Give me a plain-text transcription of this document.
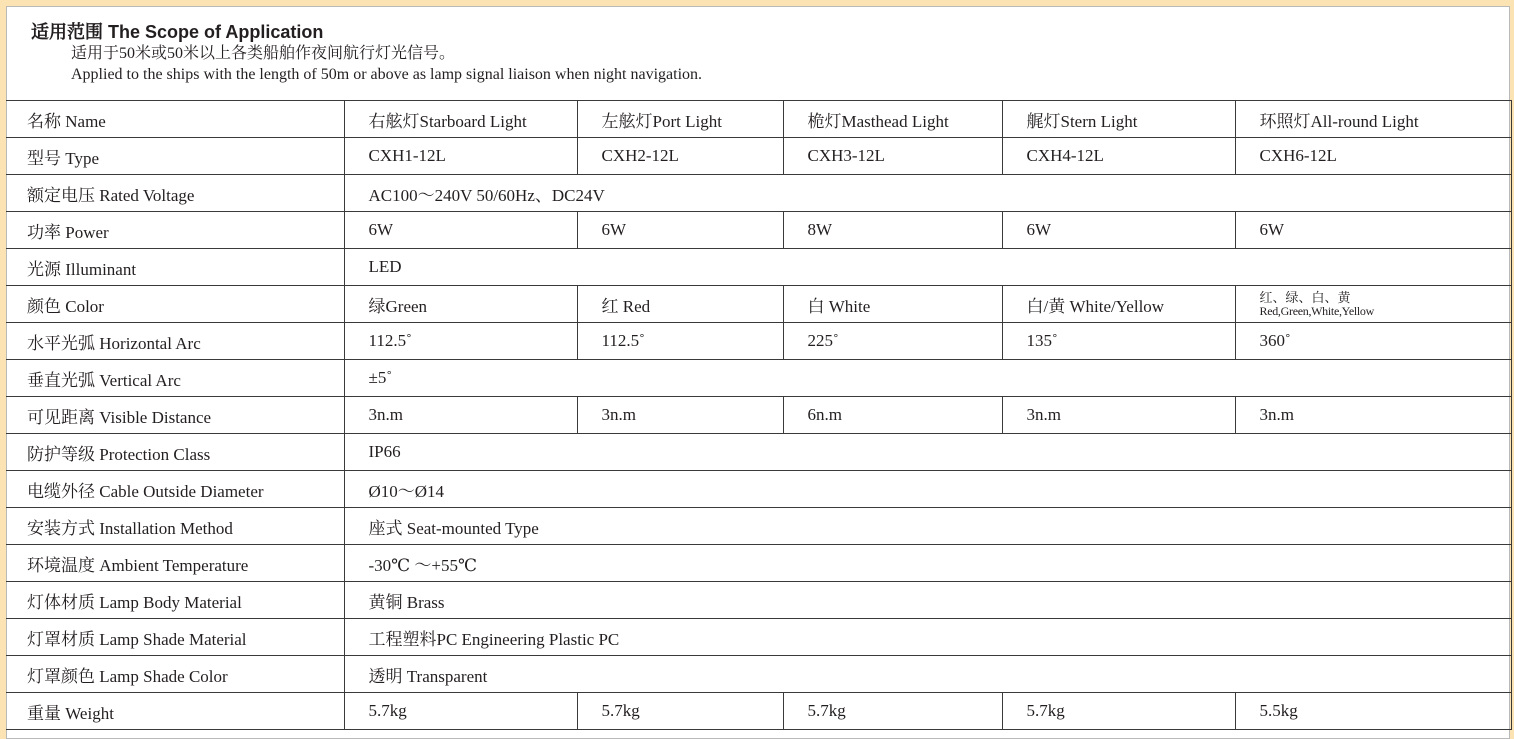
适用范围 The Scope of Application

适用于50米或50米以上各类船舶作夜间航行灯光信号。

Applied to the ships with the length of 50m or above as lamp signal liaison when night navigation.

名称 Name	右舷灯Starboard Light	左舷灯Port Light	桅灯Masthead Light	艉灯Stern Light	环照灯All-round Light
型号 Type	CXH1-12L	CXH2-12L	CXH3-12L	CXH4-12L	CXH6-12L
额定电压 Rated Voltage	AC100～240V 50/60Hz、DC24V				
功率 Power	6W	6W	8W	6W	6W
光源 Illuminant	LED				
颜色 Color	绿Green	红 Red	白 White	白/黄 White/Yellow	红、绿、白、黄
Red,Green,White,Yellow

水平光弧 Horizontal Arc	112.5˚	112.5˚	225˚	135˚	360˚
垂直光弧 Vertical Arc	±5˚				
可见距离 Visible Distance	3n.m	3n.m	6n.m	3n.m	3n.m
防护等级 Protection Class	IP66				
电缆外径 Cable Outside Diameter	Ø10～Ø14				
安装方式 Installation Method	座式 Seat-mounted Type				
环境温度 Ambient Temperature	-30℃ ～+55℃				
灯体材质 Lamp Body Material	黄铜 Brass				
灯罩材质 Lamp Shade Material	工程塑料PC Engineering Plastic PC				
灯罩颜色 Lamp Shade Color	透明 Transparent				
重量 Weight	5.7kg	5.7kg	5.7kg	5.7kg	5.5kg
